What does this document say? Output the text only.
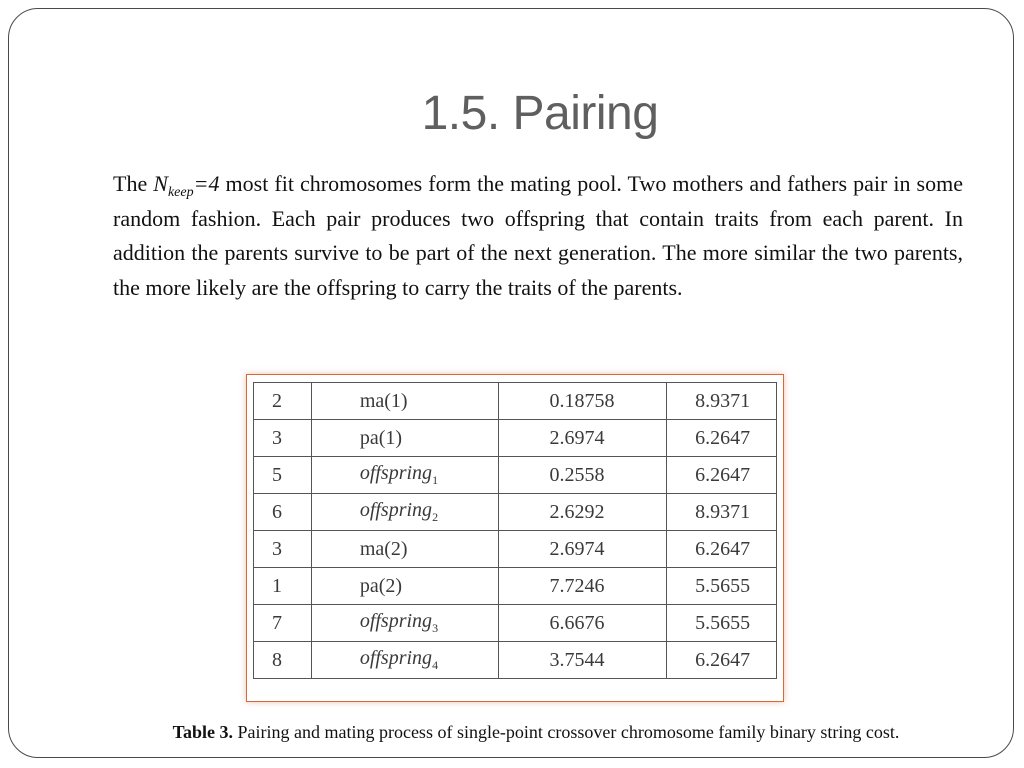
1.5. Pairing
The $N_{keep}=4$ most fit chromosomes form the mating pool. Two mothers and fathers pair in some random fashion. Each pair produces two offspring that contain traits from each parent. In addition the parents survive to be part of the next generation. The more similar the two parents, the more likely are the offspring to carry the traits of the parents.
2	ma(1)	0.18758	8.9371
3	pa(1)	2.6974	6.2647
5	offspring$_1$	0.2558	6.2647
6	offspring$_2$	2.6292	8.9371
3	ma(2)	2.6974	6.2647
1	pa(2)	7.7246	5.5655
7	offspring$_3$	6.6676	5.5655
8	offspring$_4$	3.7544	6.2647
Table 3. Pairing and mating process of single-point crossover chromosome family binary string cost.
